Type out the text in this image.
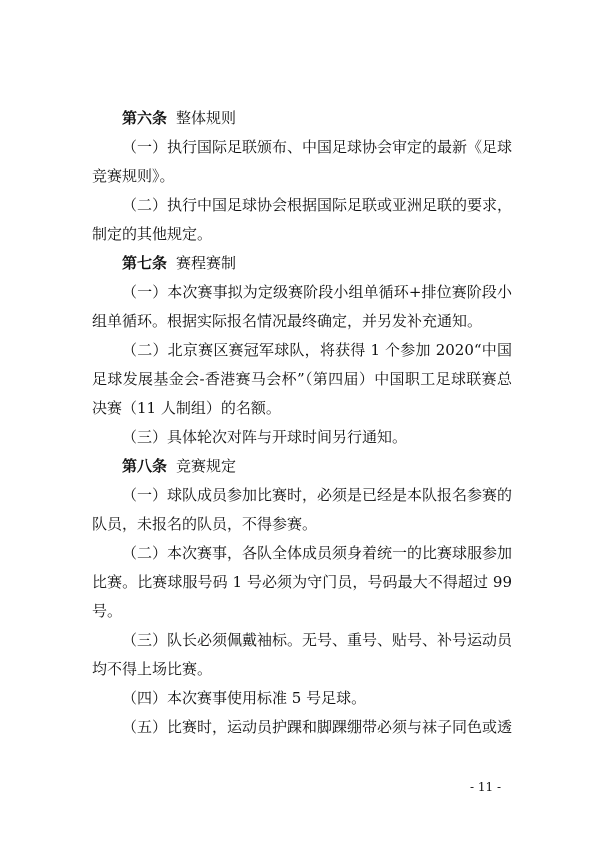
第六条 整体规则

（一）执行国际足联颁布、中国足球协会审定的最新《足球竞赛规则》。

（二）执行中国足球协会根据国际足联或亚洲足联的要求，制定的其他规定。

第七条 赛程赛制

（一）本次赛事拟为定级赛阶段小组单循环+排位赛阶段小组单循环。根据实际报名情况最终确定，并另发补充通知。

（二）北京赛区赛冠军球队，将获得 1 个参加 2020“中国足球发展基金会-香港赛马会杯”（第四届）中国职工足球联赛总决赛（11 人制组）的名额。

（三）具体轮次对阵与开球时间另行通知。

第八条 竞赛规定

（一）球队成员参加比赛时，必须是已经是本队报名参赛的队员，未报名的队员，不得参赛。

（二）本次赛事，各队全体成员须身着统一的比赛球服参加比赛。比赛球服号码 1 号必须为守门员，号码最大不得超过 99 号。

（三）队长必须佩戴袖标。无号、重号、贴号、补号运动员均不得上场比赛。

（四）本次赛事使用标准 5 号足球。

（五）比赛时，运动员护踝和脚踝绷带必须与袜子同色或透

- 11 -
